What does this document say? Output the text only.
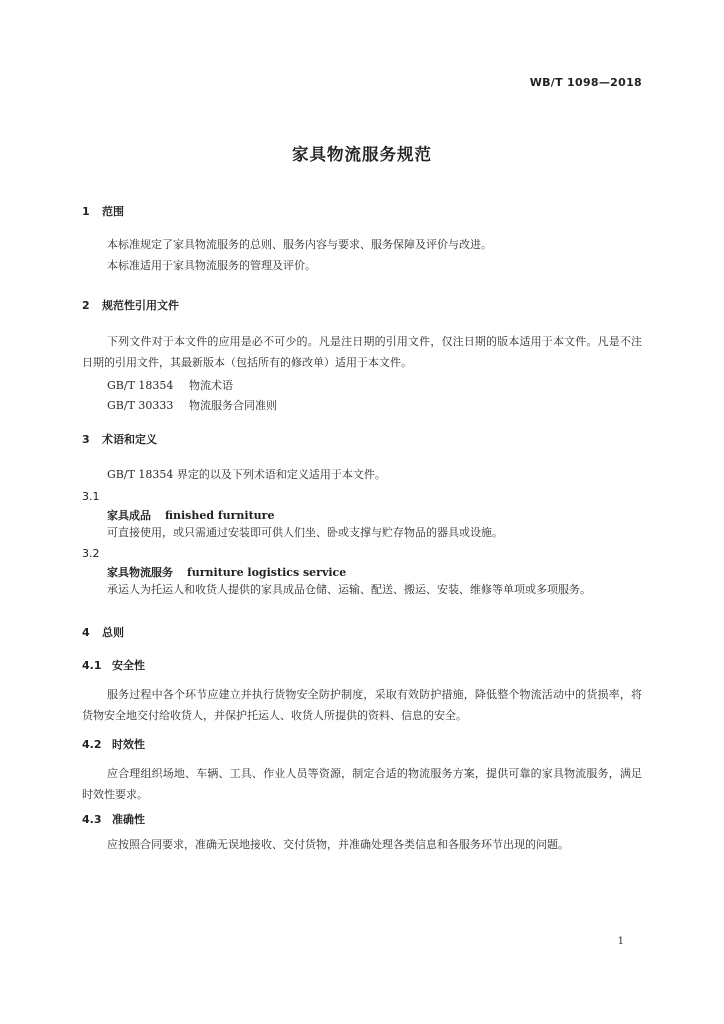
WB/T 1098—2018
家具物流服务规范
1 范围

本标准规定了家具物流服务的总则、服务内容与要求、服务保障及评价与改进。

本标准适用于家具物流服务的管理及评价。

2 规范性引用文件

下列文件对于本文件的应用是必不可少的。凡是注日期的引用文件，仅注日期的版本适用于本文件。凡是不注日期的引用文件，其最新版本（包括所有的修改单）适用于本文件。

GB/T 18354 物流术语
GB/T 30333 物流服务合同准则
3 术语和定义

GB/T 18354 界定的以及下列术语和定义适用于本文件。

3.1
家具成品 finished furniture

可直接使用，或只需通过安装即可供人们坐、卧或支撑与贮存物品的器具或设施。

3.2
家具物流服务 furniture logistics service

承运人为托运人和收货人提供的家具成品仓储、运输、配送、搬运、安装、维修等单项或多项服务。

4 总则
4.1 安全性

服务过程中各个环节应建立并执行货物安全防护制度，采取有效防护措施，降低整个物流活动中的货损率，将货物安全地交付给收货人，并保护托运人、收货人所提供的资料、信息的安全。

4.2 时效性

应合理组织场地、车辆、工具、作业人员等资源，制定合适的物流服务方案，提供可靠的家具物流服务，满足时效性要求。

4.3 准确性

应按照合同要求，准确无误地接收、交付货物，并准确处理各类信息和各服务环节出现的问题。

1
